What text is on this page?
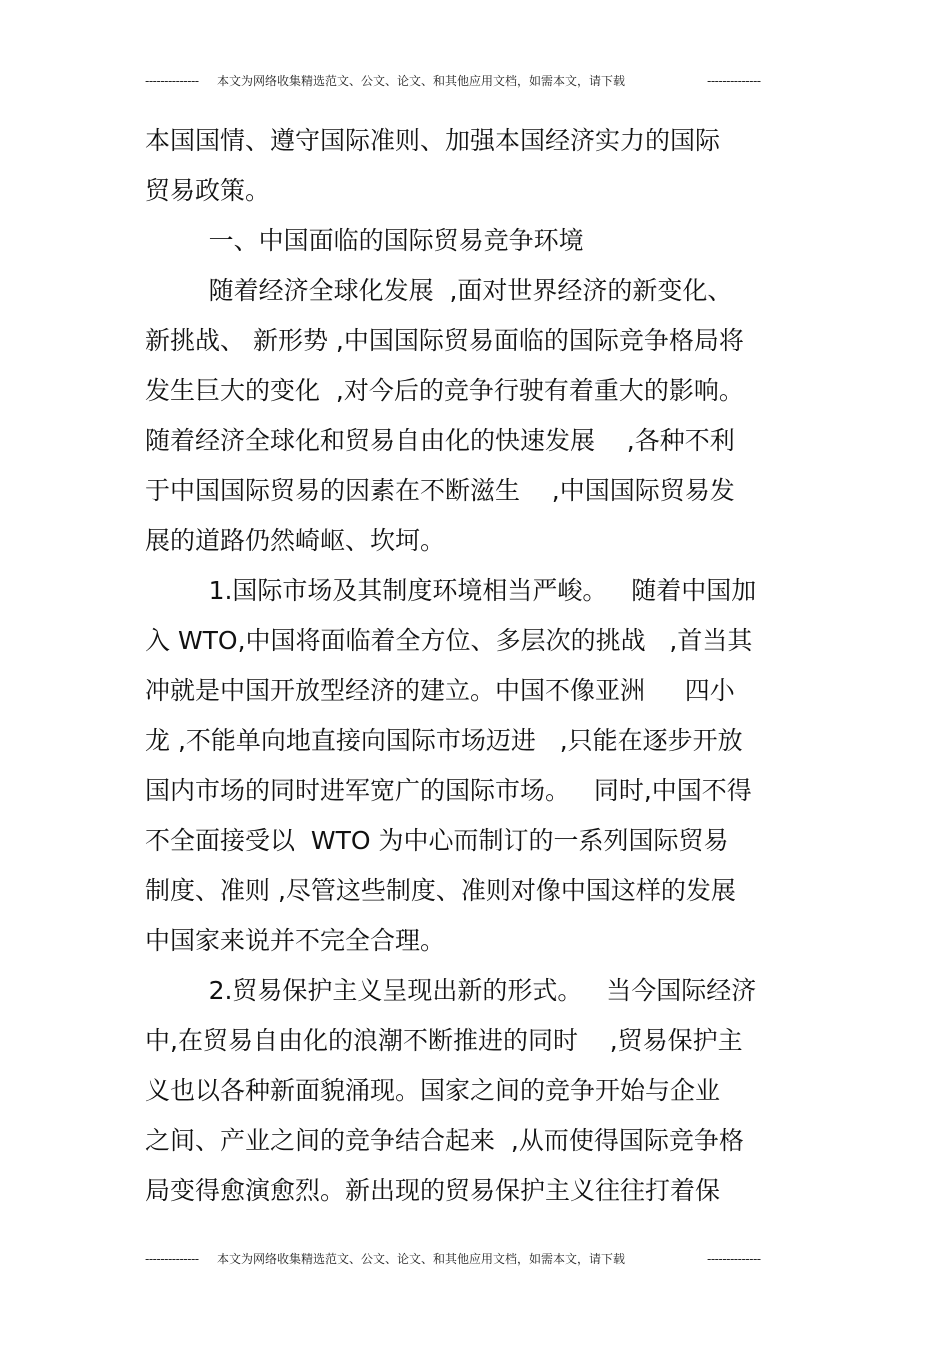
-------------- 本文为网络收集精选范文、公文、论文、和其他应用文档，如需本文，请下载	--------------
本国国情、遵守国际准则、加强本国经济实力的国际
贸易政策。
一、中国面临的国际贸易竞争环境
随着经济全球化发展  ,面对世界经济的新变化、
新挑战、 新形势 ,中国国际贸易面临的国际竞争格局将
发生巨大的变化  ,对今后的竞争行驶有着重大的影响。
随着经济全球化和贸易自由化的快速发展    ,各种不利
于中国国际贸易的因素在不断滋生    ,中国国际贸易发
展的道路仍然崎岖、坎坷。
1.国际市场及其制度环境相当严峻。   随着中国加
入 WTO,中国将面临着全方位、多层次的挑战   ,首当其
冲就是中国开放型经济的建立。中国不像亚洲     四小
龙 ,不能单向地直接向国际市场迈进   ,只能在逐步开放
国内市场的同时进军宽广的国际市场。   同时,中国不得
不全面接受以  WTO 为中心而制订的一系列国际贸易
制度、准则 ,尽管这些制度、准则对像中国这样的发展
中国家来说并不完全合理。
2.贸易保护主义呈现出新的形式。   当今国际经济
中,在贸易自由化的浪潮不断推进的同时    ,贸易保护主
义也以各种新面貌涌现。国家之间的竞争开始与企业
之间、产业之间的竞争结合起来  ,从而使得国际竞争格
局变得愈演愈烈。新出现的贸易保护主义往往打着保
-------------- 本文为网络收集精选范文、公文、论文、和其他应用文档，如需本文，请下载	--------------
